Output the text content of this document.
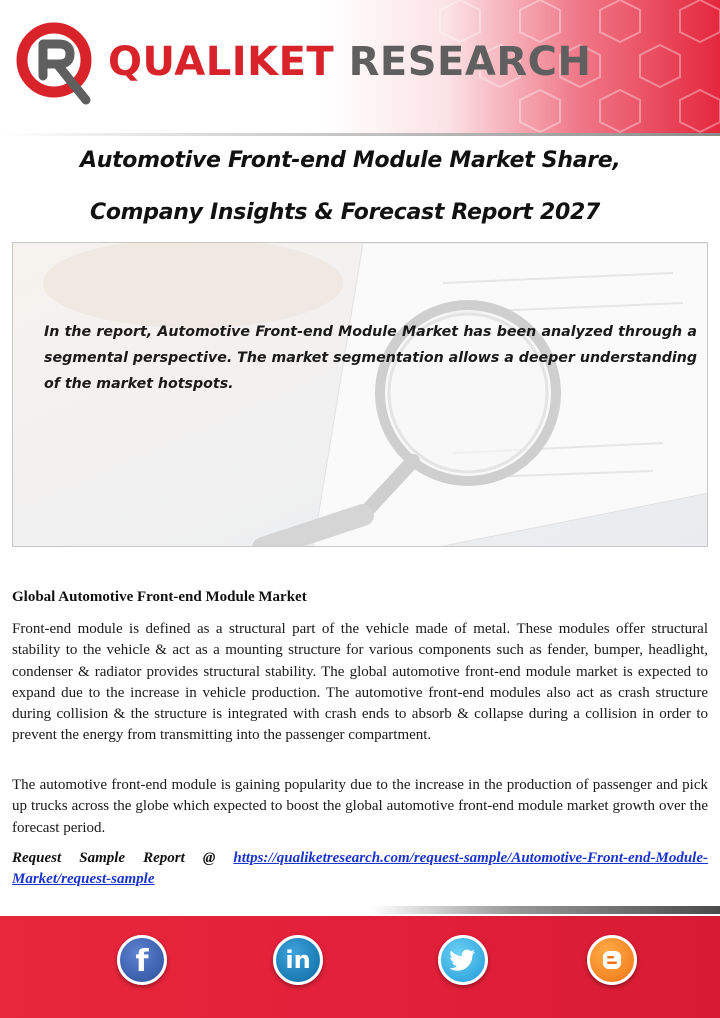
QUALIKET RESEARCH
Automotive Front-end Module Market Share,
Company Insights & Forecast Report 2027
In the report, Automotive Front-end Module Market has been analyzed through a segmental perspective. The market segmentation allows a deeper understanding of the market hotspots.
Global Automotive Front-end Module Market

Front-end module is defined as a structural part of the vehicle made of metal. These modules offer structural stability to the vehicle & act as a mounting structure for various components such as fender, bumper, headlight, condenser & radiator provides structural stability. The global automotive front-end module market is expected to expand due to the increase in vehicle production. The automotive front-end modules also act as crash structure during collision & the structure is integrated with crash ends to absorb & collapse during a collision in order to prevent the energy from transmitting into the passenger compartment.

The automotive front-end module is gaining popularity due to the increase in the production of passenger and pick up trucks across the globe which expected to boost the global automotive front-end module market growth over the forecast period.

Request Sample Report @ https://qualiketresearch.com/request-sample/Automotive-Front-end-Module-Market/request-sample

f	in
